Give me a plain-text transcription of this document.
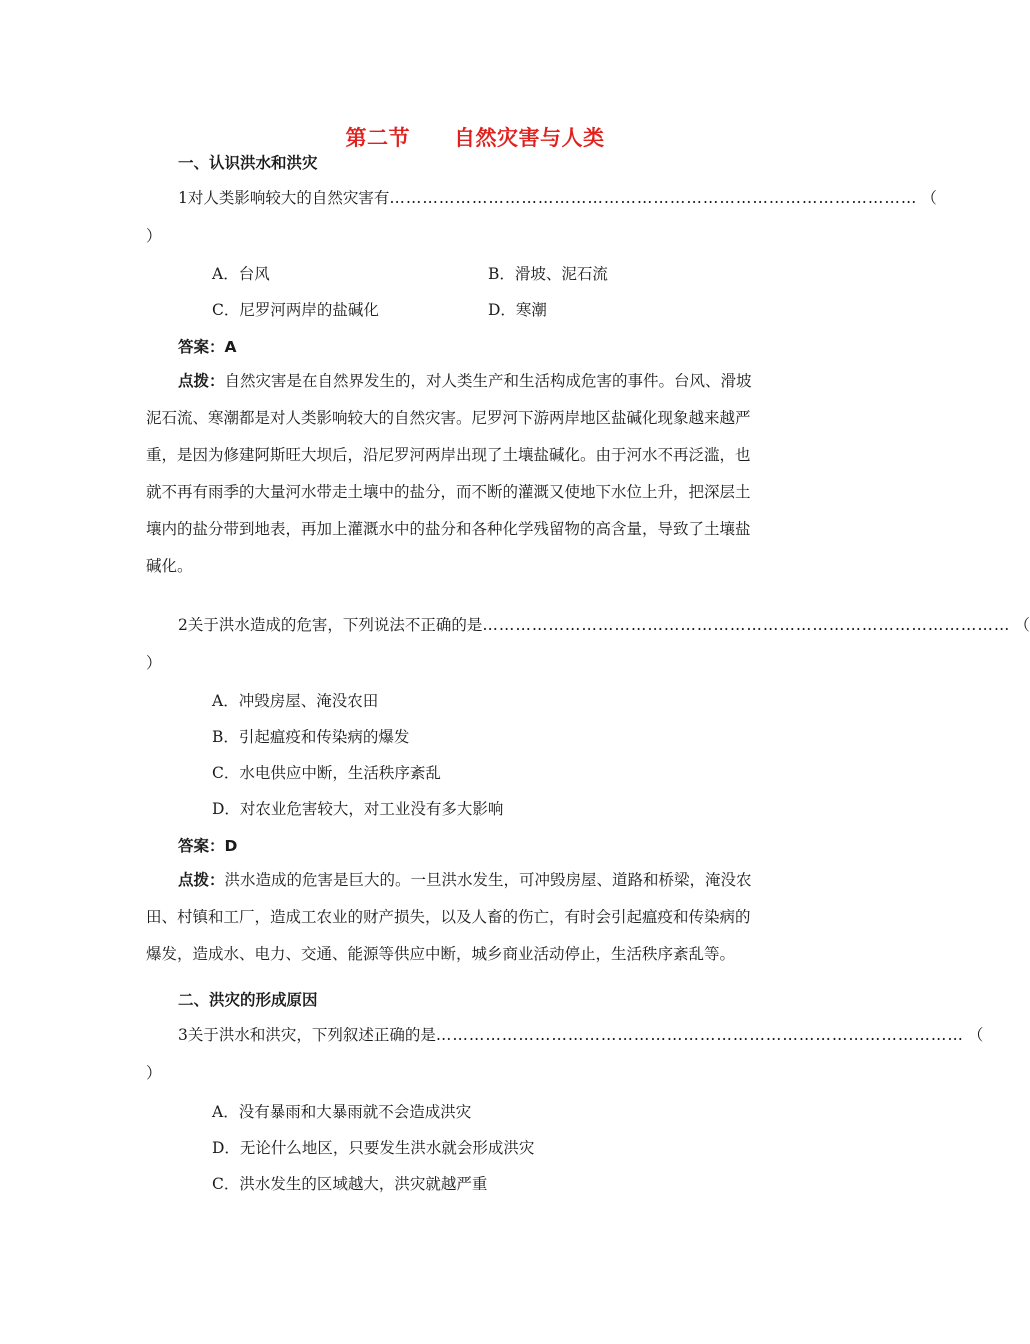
第二节 自然灾害与人类
一、认识洪水和洪灾
1 对人类影响较大的自然灾害有 …………………………………………………………………………………… （
）
A．台风	B．滑坡、泥石流
C．尼罗河两岸的盐碱化	D．寒潮
答案：A
点拨：自然灾害是在自然界发生的，对人类生产和生活构成危害的事件。台风、滑坡
泥石流、寒潮都是对人类影响较大的自然灾害。尼罗河下游两岸地区盐碱化现象越来越严
重，是因为修建阿斯旺大坝后，沿尼罗河两岸出现了土壤盐碱化。由于河水不再泛滥，也
就不再有雨季的大量河水带走土壤中的盐分，而不断的灌溉又使地下水位上升，把深层土
壤内的盐分带到地表，再加上灌溉水中的盐分和各种化学残留物的高含量，导致了土壤盐
碱化。
2 关于洪水造成的危害，下列说法不正确的是 …………………………………………………………………………………… （
）
A．冲毁房屋、淹没农田
B．引起瘟疫和传染病的爆发
C．水电供应中断，生活秩序紊乱
D．对农业危害较大，对工业没有多大影响
答案：D
点拨：洪水造成的危害是巨大的。一旦洪水发生，可冲毁房屋、道路和桥梁，淹没农
田、村镇和工厂，造成工农业的财产损失，以及人畜的伤亡，有时会引起瘟疫和传染病的
爆发，造成水、电力、交通、能源等供应中断，城乡商业活动停止，生活秩序紊乱等。
二、洪灾的形成原因
3 关于洪水和洪灾，下列叙述正确的是 …………………………………………………………………………………… （
）
A．没有暴雨和大暴雨就不会造成洪灾
D．无论什么地区，只要发生洪水就会形成洪灾
C．洪水发生的区域越大，洪灾就越严重
